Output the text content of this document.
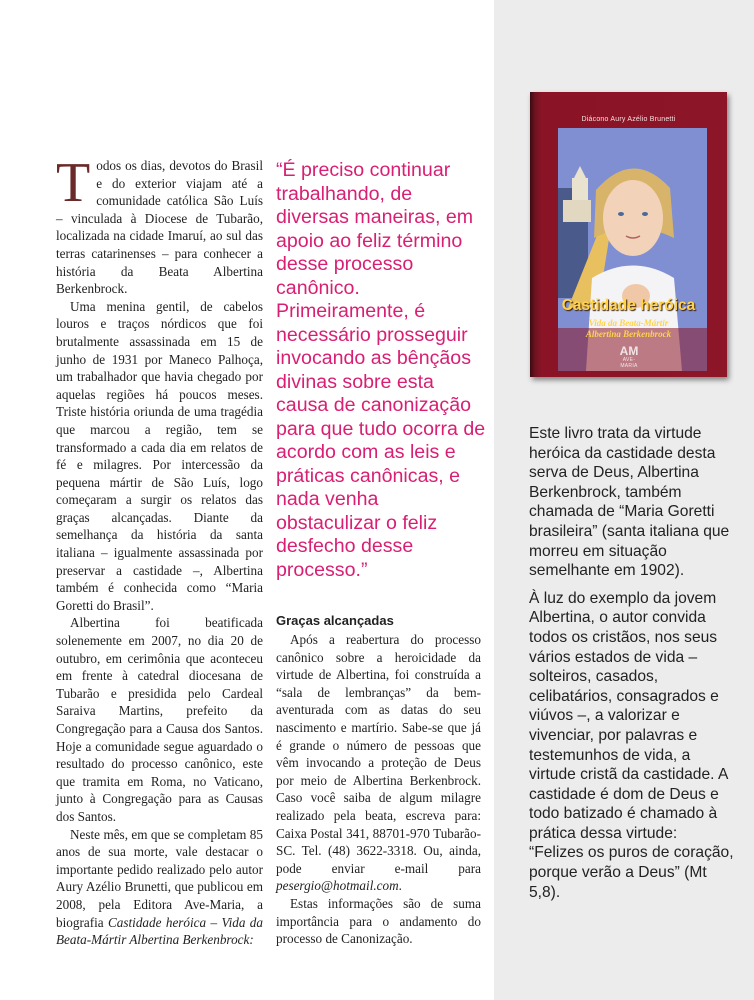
Todos os dias, devotos do Brasil e do exterior viajam até a comunidade católica São Luís – vinculada à Diocese de Tubarão, localizada na cidade Imaruí, ao sul das terras catarinenses – para conhecer a história da Beata Albertina Berkenbrock.

Uma menina gentil, de cabelos louros e traços nórdicos que foi brutalmente assassinada em 15 de junho de 1931 por Maneco Palhoça, um trabalhador que havia chegado por aquelas regiões há poucos meses. Triste história oriunda de uma tragédia que marcou a região, tem se transformado a cada dia em relatos de fé e milagres. Por intercessão da pequena mártir de São Luís, logo começaram a surgir os relatos das graças alcançadas. Diante da semelhança da história da santa italiana – igualmente assassinada por preservar a castidade –, Albertina também é conhecida como “Maria Goretti do Brasil”.

Albertina foi beatificada solenemente em 2007, no dia 20 de outubro, em cerimônia que aconteceu em frente à catedral diocesana de Tubarão e presidida pelo Cardeal Saraiva Martins, prefeito da Congregação para a Causa dos Santos. Hoje a comunidade segue aguardado o resultado do processo canônico, este que tramita em Roma, no Vaticano, junto à Congregação para as Causas dos Santos.

Neste mês, em que se completam 85 anos de sua morte, vale destacar o importante pedido realizado pelo autor Aury Azélio Brunetti, que publicou em 2008, pela Editora Ave-Maria, a biografia Castidade heróica – Vida da Beata-Mártir Albertina Berkenbrock:

“É preciso continuar trabalhando, de diversas maneiras, em apoio ao feliz término desse processo canônico. Primeiramente, é necessário prosseguir invocando as bênçãos divinas sobre esta causa de canonização para que tudo ocorra de acordo com as leis e práticas canônicas, e nada venha obstaculizar o feliz desfecho desse processo.”
Graças alcançadas

Após a reabertura do processo canônico sobre a heroicidade da virtude de Albertina, foi construída a “sala de lembranças” da bem-aventurada com as datas do seu nascimento e martírio. Sabe-se que já é grande o número de pessoas que vêm invocando a proteção de Deus por meio de Albertina Berkenbrock. Caso você saiba de algum milagre realizado pela beata, escreva para: Caixa Postal 341, 88701-970 Tubarão-SC. Tel. (48) 3622-3318. Ou, ainda, pode enviar e-mail para pesergio@hotmail.com.

Estas informações são de suma importância para o andamento do processo de Canonização.

Diácono Aury Azélio Brunetti
Castidade heróica
Vida da Beata-Mártir
Albertina Berkenbrock
AM
AVE-MARIA

Este livro trata da virtude heróica da castidade desta serva de Deus, Albertina Berkenbrock, também chamada de “Maria Goretti brasileira” (santa italiana que morreu em situação semelhante em 1902).

À luz do exemplo da jovem Albertina, o autor convida todos os cristãos, nos seus vários estados de vida – solteiros, casados, celibatários, consagrados e viúvos –, a valorizar e vivenciar, por palavras e testemunhos de vida, a virtude cristã da castidade. A castidade é dom de Deus e todo batizado é chamado à prática dessa virtude: “Felizes os puros de coração, porque verão a Deus” (Mt 5,8).
